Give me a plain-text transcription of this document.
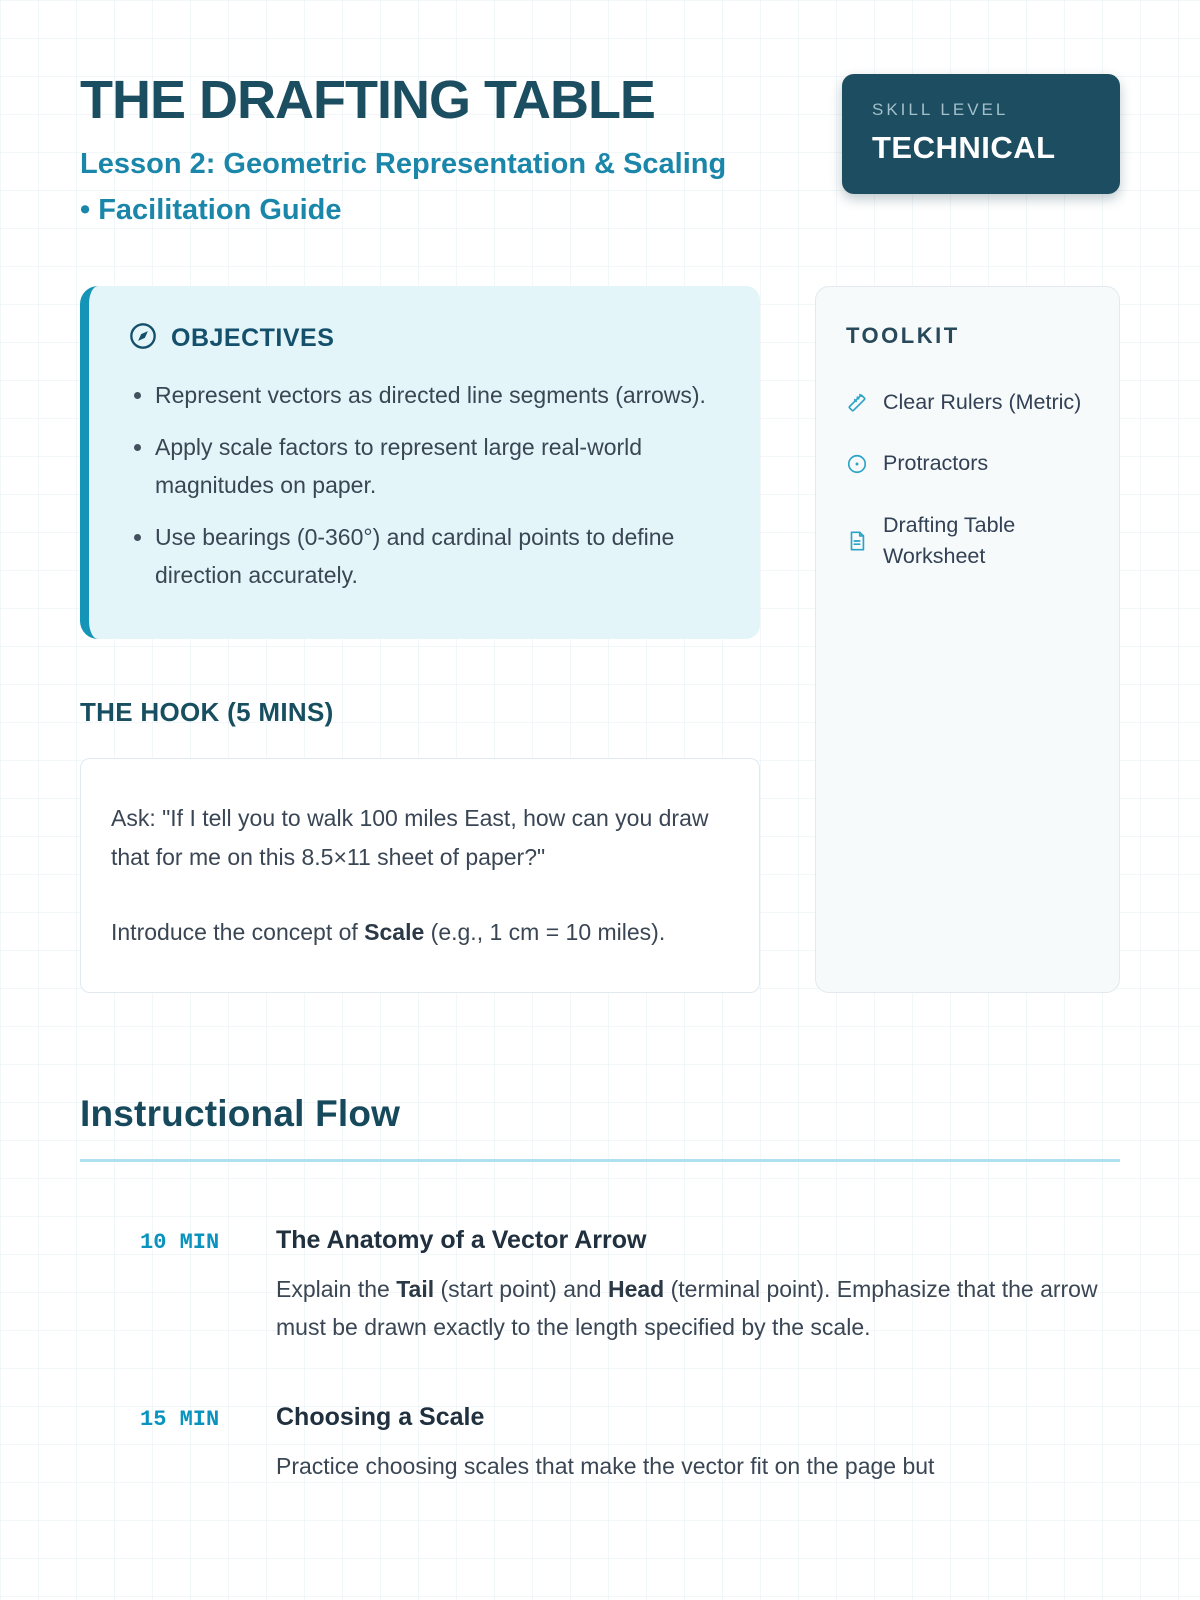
THE DRAFTING TABLE
Lesson 2: Geometric Representation & Scaling
• Facilitation Guide
SKILL LEVEL
TECHNICAL
OBJECTIVES
• Represent vectors as directed line segments (arrows).
• Apply scale factors to represent large real-world magnitudes on paper.
• Use bearings (0-360°) and cardinal points to define direction accurately.
THE HOOK (5 MINS)

Ask: "If I tell you to walk 100 miles East, how can you draw that for me on this 8.5×11 sheet of paper?"

Introduce the concept of Scale (e.g., 1 cm = 10 miles).

TOOLKIT
Clear Rulers (Metric)
Protractors
Drafting Table Worksheet
Instructional Flow
10 MIN	The Anatomy of a Vector Arrow

Explain the Tail (start point) and Head (terminal point). Emphasize that the arrow must be drawn exactly to the length specified by the scale.

15 MIN	Choosing a Scale

Practice choosing scales that make the vector fit on the page but
